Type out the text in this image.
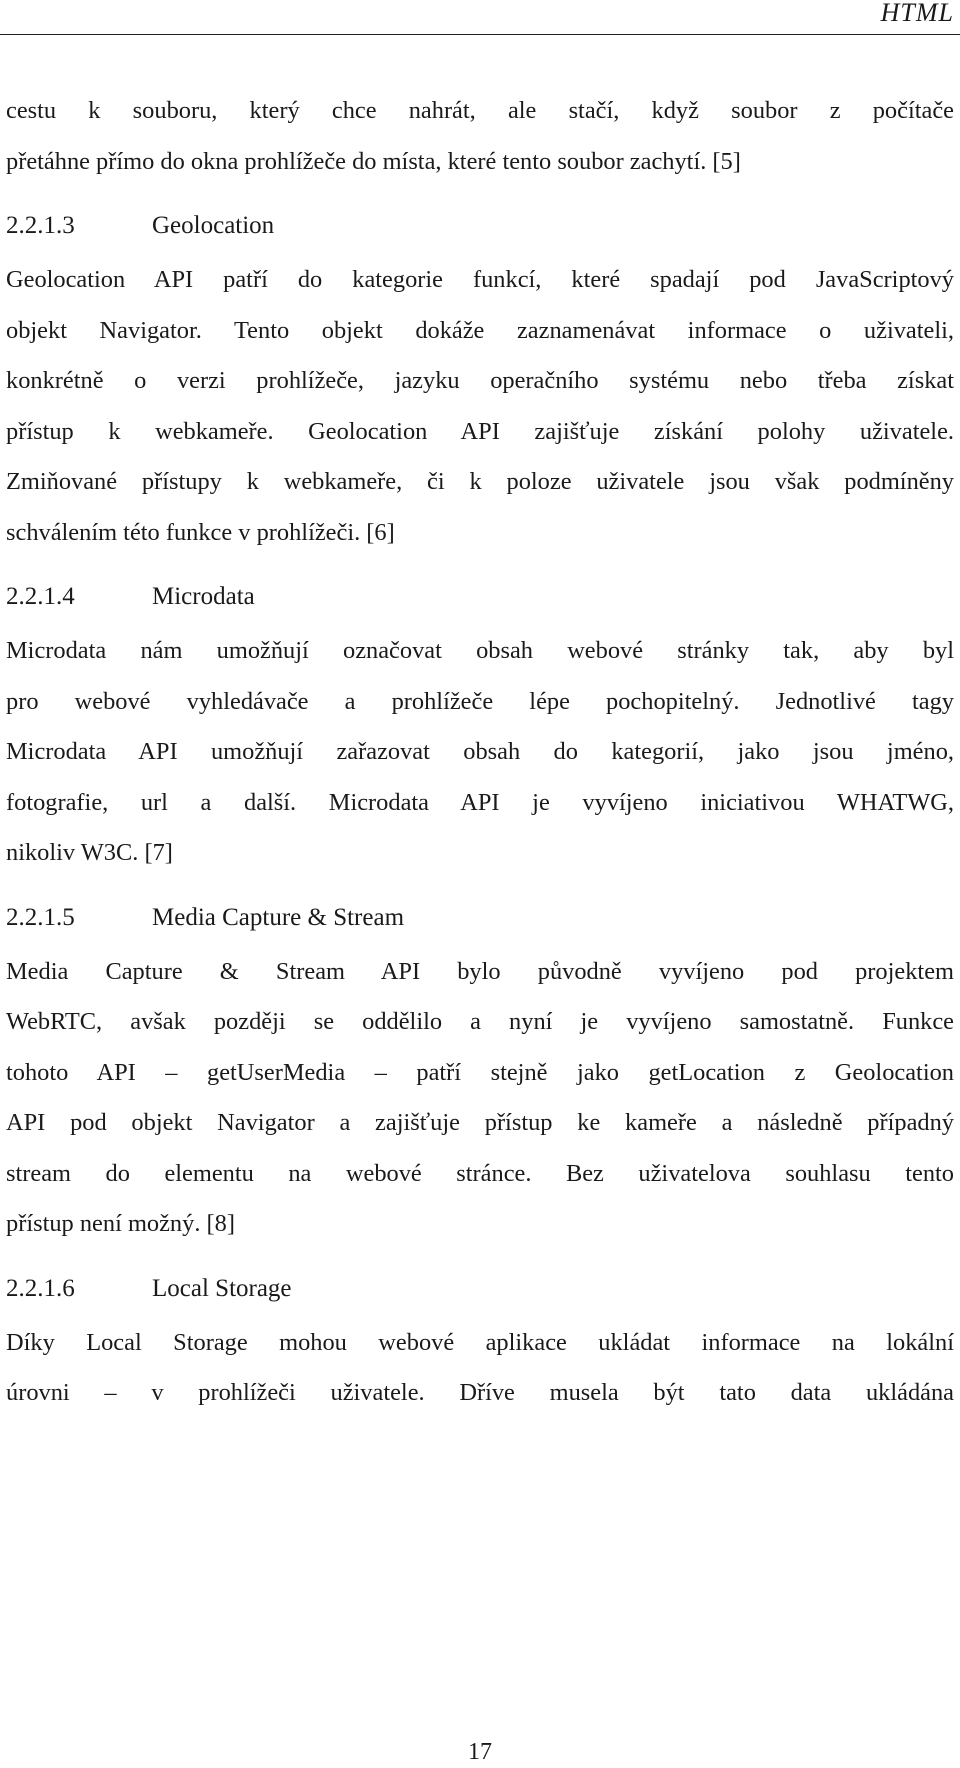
HTML

cestu k souboru, který chce nahrát, ale stačí, když soubor z počítače
přetáhne přímo do okna prohlížeče do místa, které tento soubor zachytí. [5]

2.2.1.3	Geolocation

Geolocation API patří do kategorie funkcí, které spadají pod JavaScriptový
objekt Navigator. Tento objekt dokáže zaznamenávat informace o uživateli,
konkrétně o verzi prohlížeče, jazyku operačního systému nebo třeba získat
přístup k webkameře. Geolocation API zajišťuje získání polohy uživatele.
Zmiňované přístupy k webkameře, či k poloze uživatele jsou však podmíněny
schválením této funkce v prohlížeči. [6]

2.2.1.4	Microdata

Microdata nám umožňují označovat obsah webové stránky tak, aby byl
pro webové vyhledávače a prohlížeče lépe pochopitelný. Jednotlivé tagy
Microdata API umožňují zařazovat obsah do kategorií, jako jsou jméno,
fotografie, url a další. Microdata API je vyvíjeno iniciativou WHATWG,
nikoliv W3C. [7]

2.2.1.5	Media Capture & Stream

Media Capture & Stream API bylo původně vyvíjeno pod projektem
WebRTC, avšak později se oddělilo a nyní je vyvíjeno samostatně. Funkce
tohoto API – getUserMedia – patří stejně jako getLocation z Geolocation
API pod objekt Navigator a zajišťuje přístup ke kameře a následně případný
stream do elementu na webové stránce. Bez uživatelova souhlasu tento
přístup není možný. [8]

2.2.1.6	Local Storage

Díky Local Storage mohou webové aplikace ukládat informace na lokální
úrovni – v prohlížeči uživatele. Dříve musela být tato data ukládána

17
